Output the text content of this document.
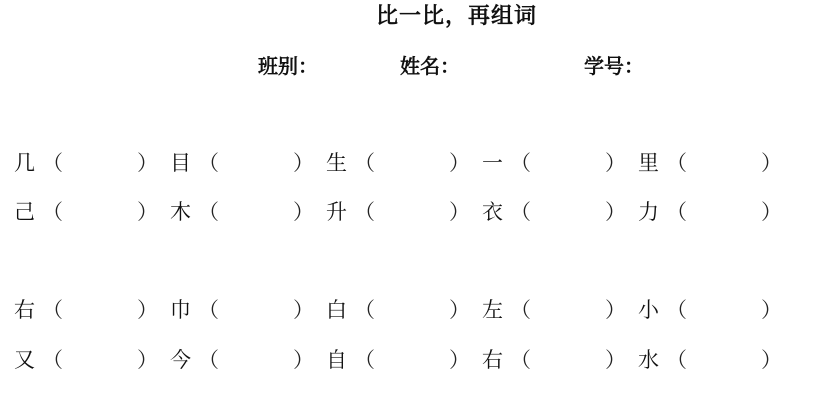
比一比，再组词
班别：	姓名：	学号：
几 （	） 目 （	） 生 （	） 一 （	） 里 （	）
己 （	） 木 （	） 升 （	） 衣 （	） 力 （	）
右 （	） 巾 （	） 白 （	） 左 （	） 小 （	）
又 （	） 今 （	） 自 （	） 右 （	） 水 （	）
